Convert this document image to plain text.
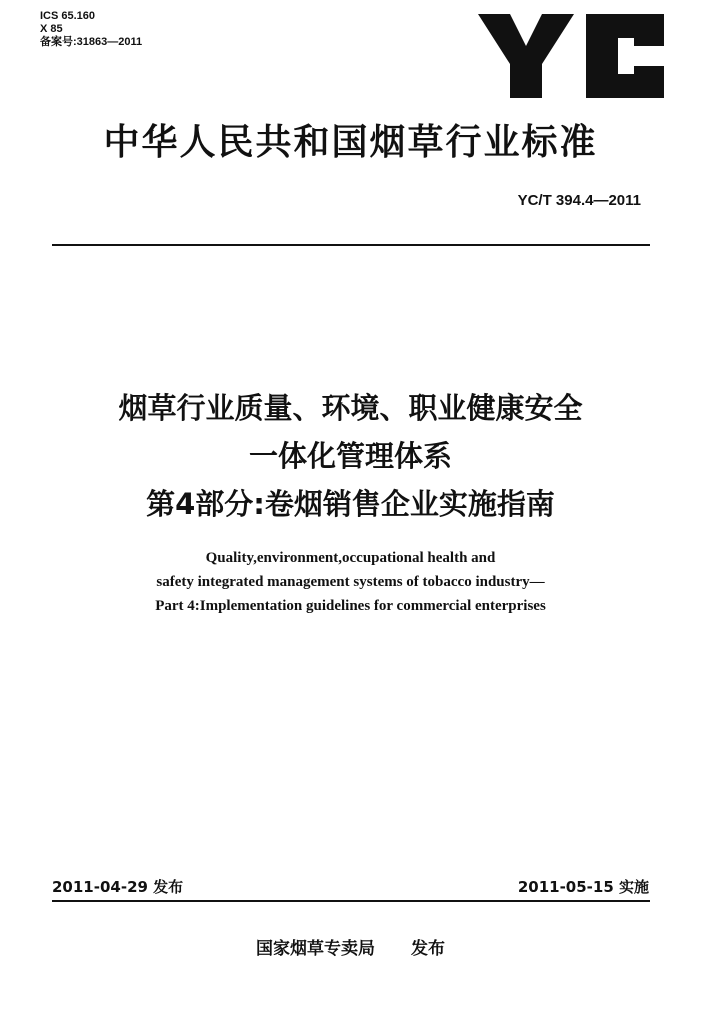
ICS 65.160
X 85
备案号:31863—2011
中华人民共和国烟草行业标准
YC/T 394.4—2011
烟草行业质量、环境、职业健康安全
一体化管理体系
第4部分:卷烟销售企业实施指南
Quality,environment,occupational health and
safety integrated management systems of tobacco industry—
Part 4:Implementation guidelines for commercial enterprises
2011-04-29 发布	2011-05-15 实施
国家烟草专卖局 发布
